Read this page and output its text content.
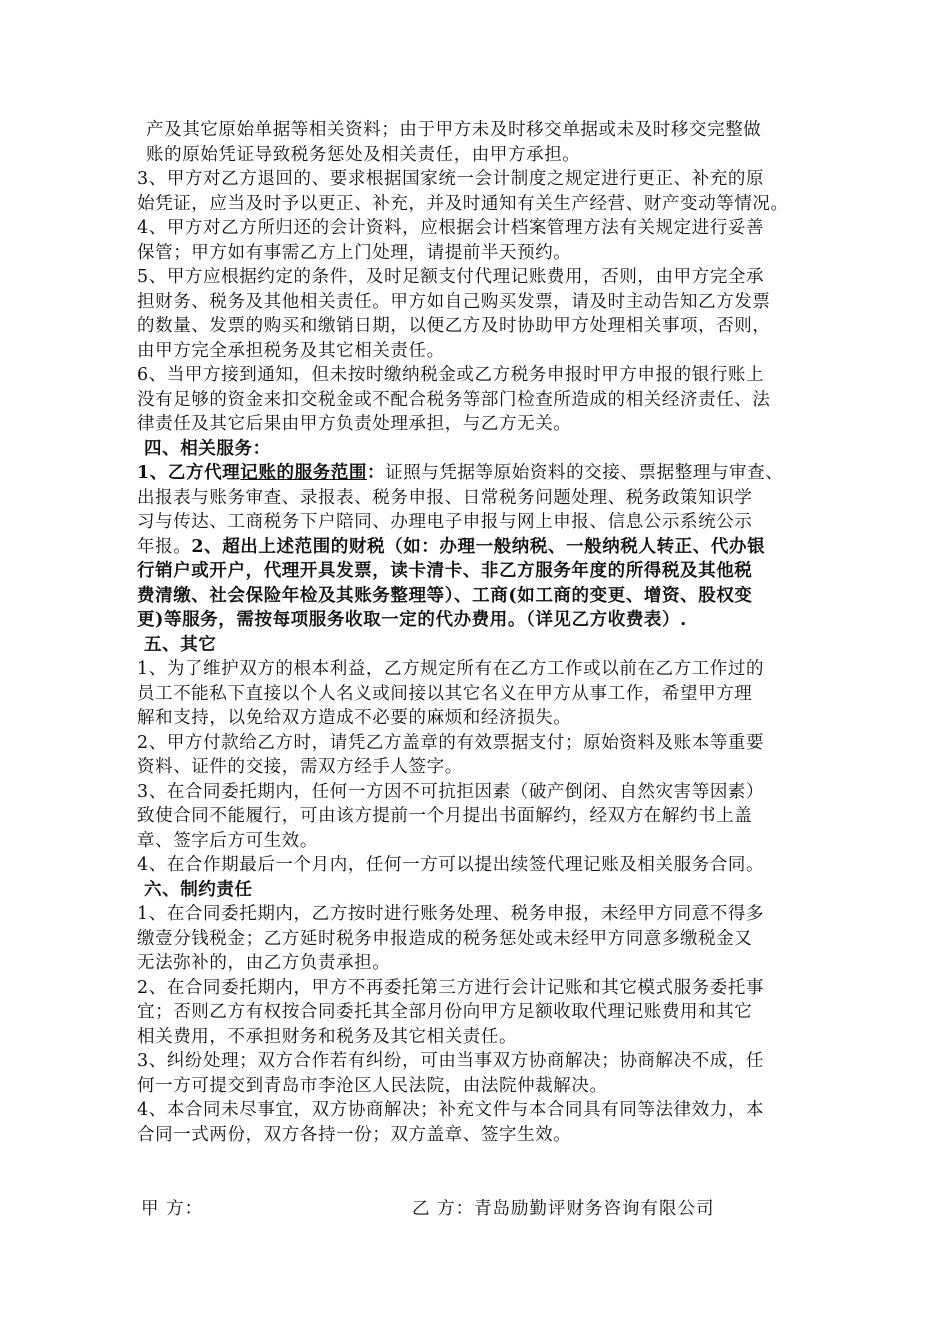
产及其它原始单据等相关资料；由于甲方未及时移交单据或未及时移交完整做
账的原始凭证导致税务惩处及相关责任，由甲方承担。
3、甲方对乙方退回的、要求根据国家统一会计制度之规定进行更正、补充的原
始凭证，应当及时予以更正、补充，并及时通知有关生产经营、财产变动等情况。
4、甲方对乙方所归还的会计资料，应根据会计档案管理方法有关规定进行妥善
保管；甲方如有事需乙方上门处理，请提前半天预约。
5、甲方应根据约定的条件，及时足额支付代理记账费用，否则，由甲方完全承
担财务、税务及其他相关责任。甲方如自己购买发票，请及时主动告知乙方发票
的数量、发票的购买和缴销日期，以便乙方及时协助甲方处理相关事项，否则，
由甲方完全承担税务及其它相关责任。
6、当甲方接到通知，但未按时缴纳税金或乙方税务申报时甲方申报的银行账上
没有足够的资金来扣交税金或不配合税务等部门检查所造成的相关经济责任、法
律责任及其它后果由甲方负责处理承担，与乙方无关。
四、相关服务：
1、乙方代理记账的服务范围：证照与凭据等原始资料的交接、票据整理与审查、
出报表与账务审查、录报表、税务申报、日常税务问题处理、税务政策知识学
习与传达、工商税务下户陪同、办理电子申报与网上申报、信息公示系统公示
年报。2、超出上述范围的财税（如：办理一般纳税、一般纳税人转正、代办银
行销户或开户，代理开具发票，读卡清卡、非乙方服务年度的所得税及其他税
费清缴、社会保险年检及其账务整理等）、工商(如工商的变更、增资、股权变
更)等服务，需按每项服务收取一定的代办费用。（详见乙方收费表）.
五、其它
1、为了维护双方的根本利益，乙方规定所有在乙方工作或以前在乙方工作过的
员工不能私下直接以个人名义或间接以其它名义在甲方从事工作，希望甲方理
解和支持，以免给双方造成不必要的麻烦和经济损失。
2、甲方付款给乙方时，请凭乙方盖章的有效票据支付；原始资料及账本等重要
资料、证件的交接，需双方经手人签字。
3、在合同委托期内，任何一方因不可抗拒因素（破产倒闭、自然灾害等因素）
致使合同不能履行，可由该方提前一个月提出书面解约，经双方在解约书上盖
章、签字后方可生效。
4、在合作期最后一个月内，任何一方可以提出续签代理记账及相关服务合同。
六、制约责任
1、在合同委托期内，乙方按时进行账务处理、税务申报，未经甲方同意不得多
缴壹分钱税金；乙方延时税务申报造成的税务惩处或未经甲方同意多缴税金又
无法弥补的，由乙方负责承担。
2、在合同委托期内，甲方不再委托第三方进行会计记账和其它模式服务委托事
宜；否则乙方有权按合同委托其全部月份向甲方足额收取代理记账费用和其它
相关费用，不承担财务和税务及其它相关责任。
3、纠纷处理；双方合作若有纠纷，可由当事双方协商解决；协商解决不成，任
何一方可提交到青岛市李沧区人民法院，由法院仲裁解决。
4、本合同未尽事宜，双方协商解决；补充文件与本合同具有同等法律效力，本
合同一式两份，双方各持一份；双方盖章、签字生效。
甲 方：	乙 方：青岛励勤评财务咨询有限公司
